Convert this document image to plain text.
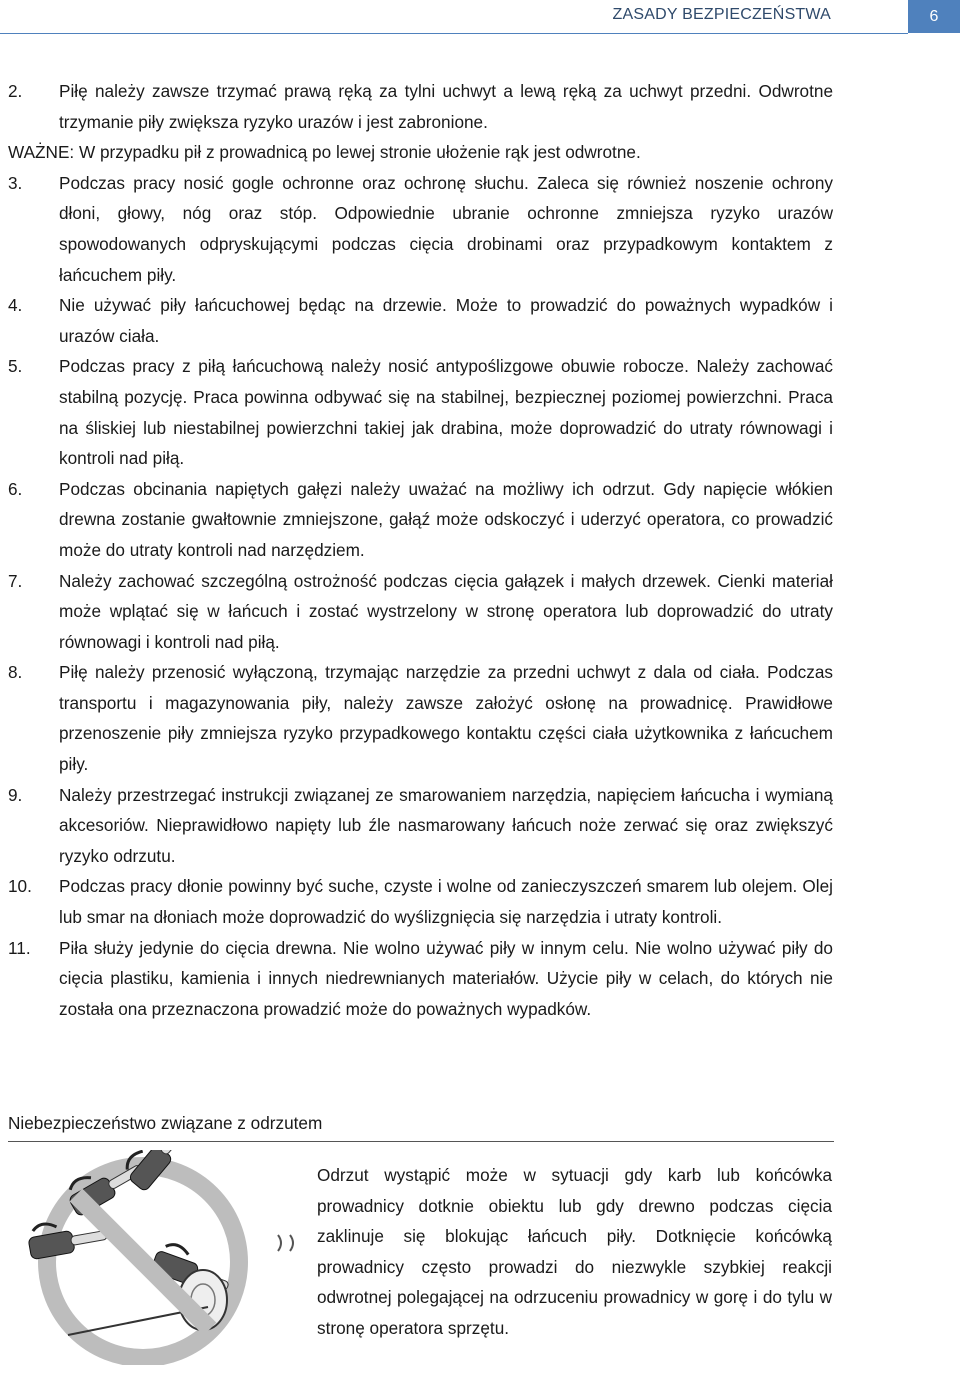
ZASADY BEZPIECZEŃSTWA	6
2. Piłę należy zawsze trzymać prawą ręką za tylni uchwyt a lewą ręką za uchwyt przedni. Odwrotne trzymanie piły zwiększa ryzyko urazów i jest zabronione.
WAŻNE: W przypadku pił z prowadnicą po lewej stronie ułożenie rąk jest odwrotne.
3. Podczas pracy nosić gogle ochronne oraz ochronę słuchu. Zaleca się również noszenie ochrony dłoni, głowy, nóg oraz stóp. Odpowiednie ubranie ochronne zmniejsza ryzyko urazów spowodowanych odpryskującymi podczas cięcia drobinami oraz przypadkowym kontaktem z łańcuchem piły.
4. Nie używać piły łańcuchowej będąc na drzewie. Może to prowadzić do poważnych wypadków i urazów ciała.
5. Podczas pracy z piłą łańcuchową należy nosić antypoślizgowe obuwie robocze. Należy zachować stabilną pozycję. Praca powinna odbywać się na stabilnej, bezpiecznej poziomej powierzchni. Praca na śliskiej lub niestabilnej powierzchni takiej jak drabina, może doprowadzić do utraty równowagi i kontroli nad piłą.
6. Podczas obcinania napiętych gałęzi należy uważać na możliwy ich odrzut. Gdy napięcie włókien drewna zostanie gwałtownie zmniejszone, gałąź może odskoczyć i uderzyć operatora, co prowadzić może do utraty kontroli nad narzędziem.
7. Należy zachować szczególną ostrożność podczas cięcia gałązek i małych drzewek. Cienki materiał może wplątać się w łańcuch i zostać wystrzelony w stronę operatora lub doprowadzić do utraty równowagi i kontroli nad piłą.
8. Piłę należy przenosić wyłączoną, trzymając narzędzie za przedni uchwyt z dala od ciała. Podczas transportu i magazynowania piły, należy zawsze założyć osłonę na prowadnicę. Prawidłowe przenoszenie piły zmniejsza ryzyko przypadkowego kontaktu części ciała użytkownika z łańcuchem piły.
9. Należy przestrzegać instrukcji związanej ze smarowaniem narzędzia, napięciem łańcucha i wymianą akcesoriów. Nieprawidłowo napięty lub źle nasmarowany łańcuch noże zerwać się oraz zwiększyć ryzyko odrzutu.
10. Podczas pracy dłonie powinny być suche, czyste i wolne od zanieczyszczeń smarem lub olejem. Olej lub smar na dłoniach może doprowadzić do wyślizgnięcia się narzędzia i utraty kontroli.
11. Piła służy jedynie do cięcia drewna. Nie wolno używać piły w innym celu. Nie wolno używać piły do cięcia plastiku, kamienia i innych niedrewnianych materiałów. Użycie piły w celach, do których nie została ona przeznaczona prowadzić może do poważnych wypadków.
Niebezpieczeństwo związane z odrzutem
Odrzut wystąpić może w sytuacji gdy karb lub końcówka prowadnicy dotknie obiektu lub gdy drewno podczas cięcia zaklinuje się blokując łańcuch piły. Dotknięcie końcówką prowadnicy często prowadzi do niezwykle szybkiej reakcji odwrotnej polegającej na odrzuceniu prowadnicy w gorę i do tylu w stronę operatora sprzętu.
